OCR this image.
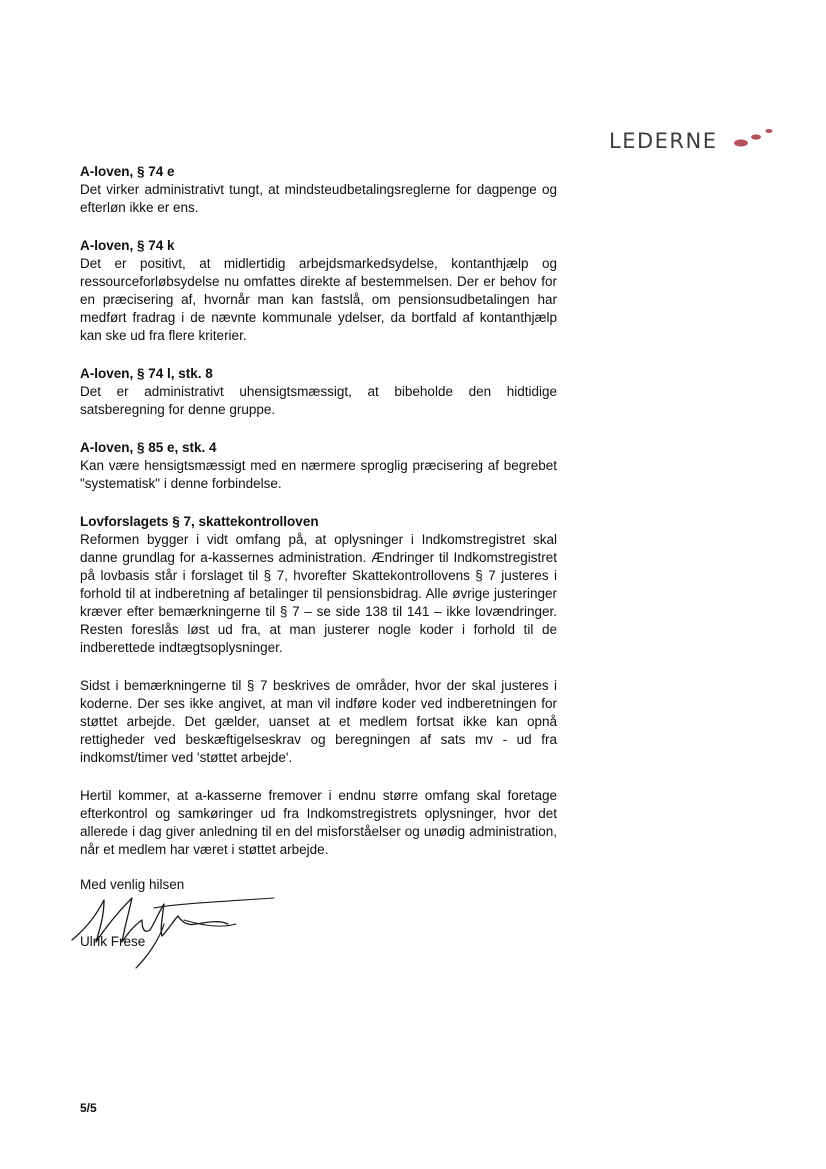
LEDERNE
A-loven, § 74 e

Det virker administrativt tungt, at mindsteudbetalingsreglerne for dagpenge og efterløn ikke er ens.

A-loven, § 74 k

Det er positivt, at midlertidig arbejdsmarkedsydelse, kontanthjælp og ressourceforløbsydelse nu omfattes direkte af bestemmelsen. Der er behov for en præcisering af, hvornår man kan fastslå, om pensionsudbetalingen har medført fradrag i de nævnte kommunale ydelser, da bortfald af kontanthjælp kan ske ud fra flere kriterier.

A-loven, § 74 l, stk. 8

Det er administrativt uhensigtsmæssigt, at bibeholde den hidtidige satsberegning for denne gruppe.

A-loven, § 85 e, stk. 4

Kan være hensigtsmæssigt med en nærmere sproglig præcisering af begrebet "systematisk" i denne forbindelse.

Lovforslagets § 7, skattekontrolloven

Reformen bygger i vidt omfang på, at oplysninger i Indkomstregistret skal danne grundlag for a-kassernes administration. Ændringer til Indkomstregistret på lovbasis står i forslaget til § 7, hvorefter Skattekontrollovens § 7 justeres i forhold til at indberetning af betalinger til pensionsbidrag. Alle øvrige justeringer kræver efter bemærkningerne til § 7 – se side 138 til 141 – ikke lovændringer. Resten foreslås løst ud fra, at man justerer nogle koder i forhold til de indberettede indtægtsoplysninger.

Sidst i bemærkningerne til § 7 beskrives de områder, hvor der skal justeres i koderne. Der ses ikke angivet, at man vil indføre koder ved indberetningen for støttet arbejde. Det gælder, uanset at et medlem fortsat ikke kan opnå rettigheder ved beskæftigelseskrav og beregningen af sats mv - ud fra indkomst/timer ved 'støttet arbejde'.

Hertil kommer, at a-kasserne fremover i endnu større omfang skal foretage efterkontrol og samkøringer ud fra Indkomstregistrets oplysninger, hvor det allerede i dag giver anledning til en del misforståelser og unødig administration, når et medlem har været i støttet arbejde.

Med venlig hilsen
Ulrik Frese
5/5
